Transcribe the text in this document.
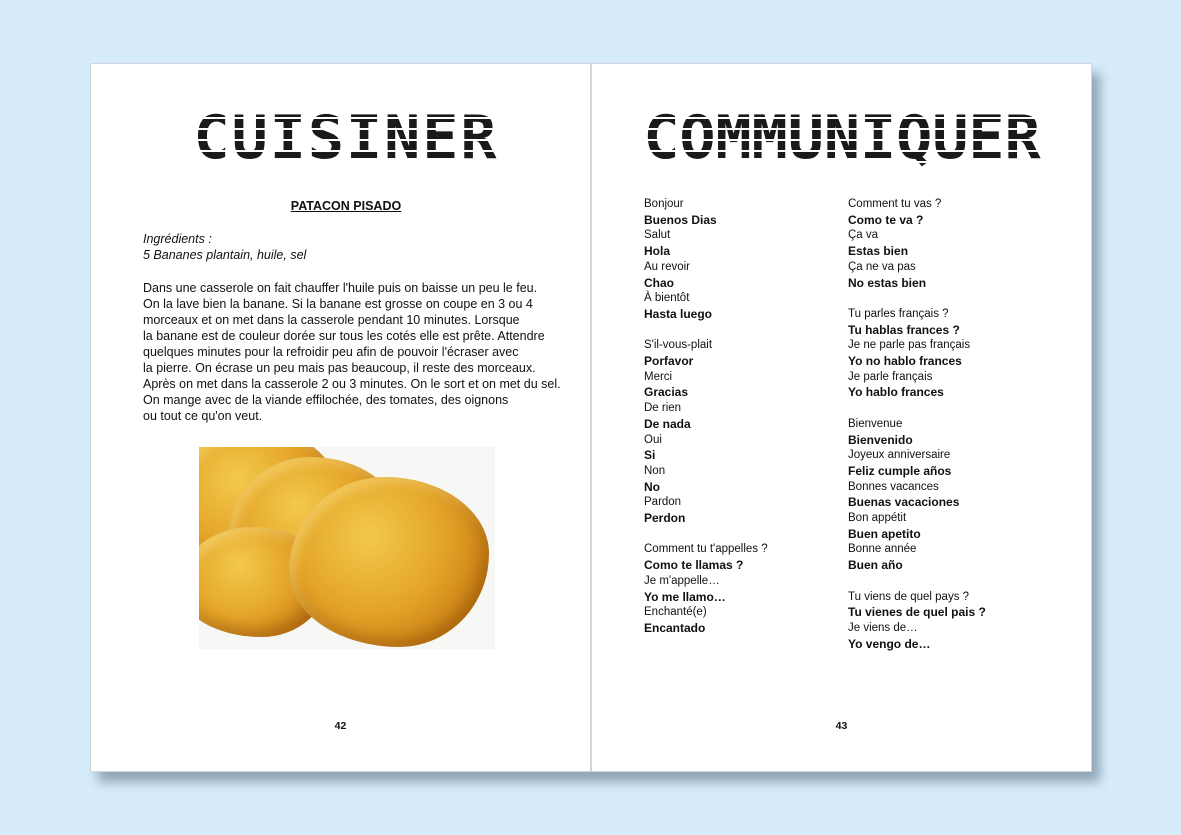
CUISINER
PATACON PISADO
Ingrédients :
5 Bananes plantain, huile, sel
Dans une casserole on fait chauffer l'huile puis on baisse un peu le feu.
On la lave bien la banane. Si la banane est grosse on coupe en 3 ou 4
morceaux et on met dans la casserole pendant 10 minutes. Lorsque
la banane est de couleur dorée sur tous les cotés elle est prête. Attendre
quelques minutes pour la refroidir peu afin de pouvoir l'écraser avec
la pierre. On écrase un peu mais pas beaucoup, il reste des morceaux.
Après on met dans la casserole 2 ou 3 minutes. On le sort et on met du sel.
On mange avec de la viande effilochée, des tomates, des oignons
ou tout ce qu'on veut.
42
COMMUNIQUER
Bonjour
Buenos Dias
Salut
Hola
Au revoir
Chao
À bientôt
Hasta luego
S'il-vous-plait
Porfavor
Merci
Gracias
De rien
De nada
Oui
Si
Non
No
Pardon
Perdon
Comment tu t'appelles ?
Como te llamas ?
Je m'appelle…
Yo me llamo…
Enchanté(e)
Encantado
Comment tu vas ?
Como te va ?
Ça va
Estas bien
Ça ne va pas
No estas bien
Tu parles français ?
Tu hablas frances ?
Je ne parle pas français
Yo no hablo frances
Je parle français
Yo hablo frances
Bienvenue
Bienvenido
Joyeux anniversaire
Feliz cumple años
Bonnes vacances
Buenas vacaciones
Bon appétit
Buen apetito
Bonne année
Buen año
Tu viens de quel pays ?
Tu vienes de quel pais ?
Je viens de…
Yo vengo de…
43
